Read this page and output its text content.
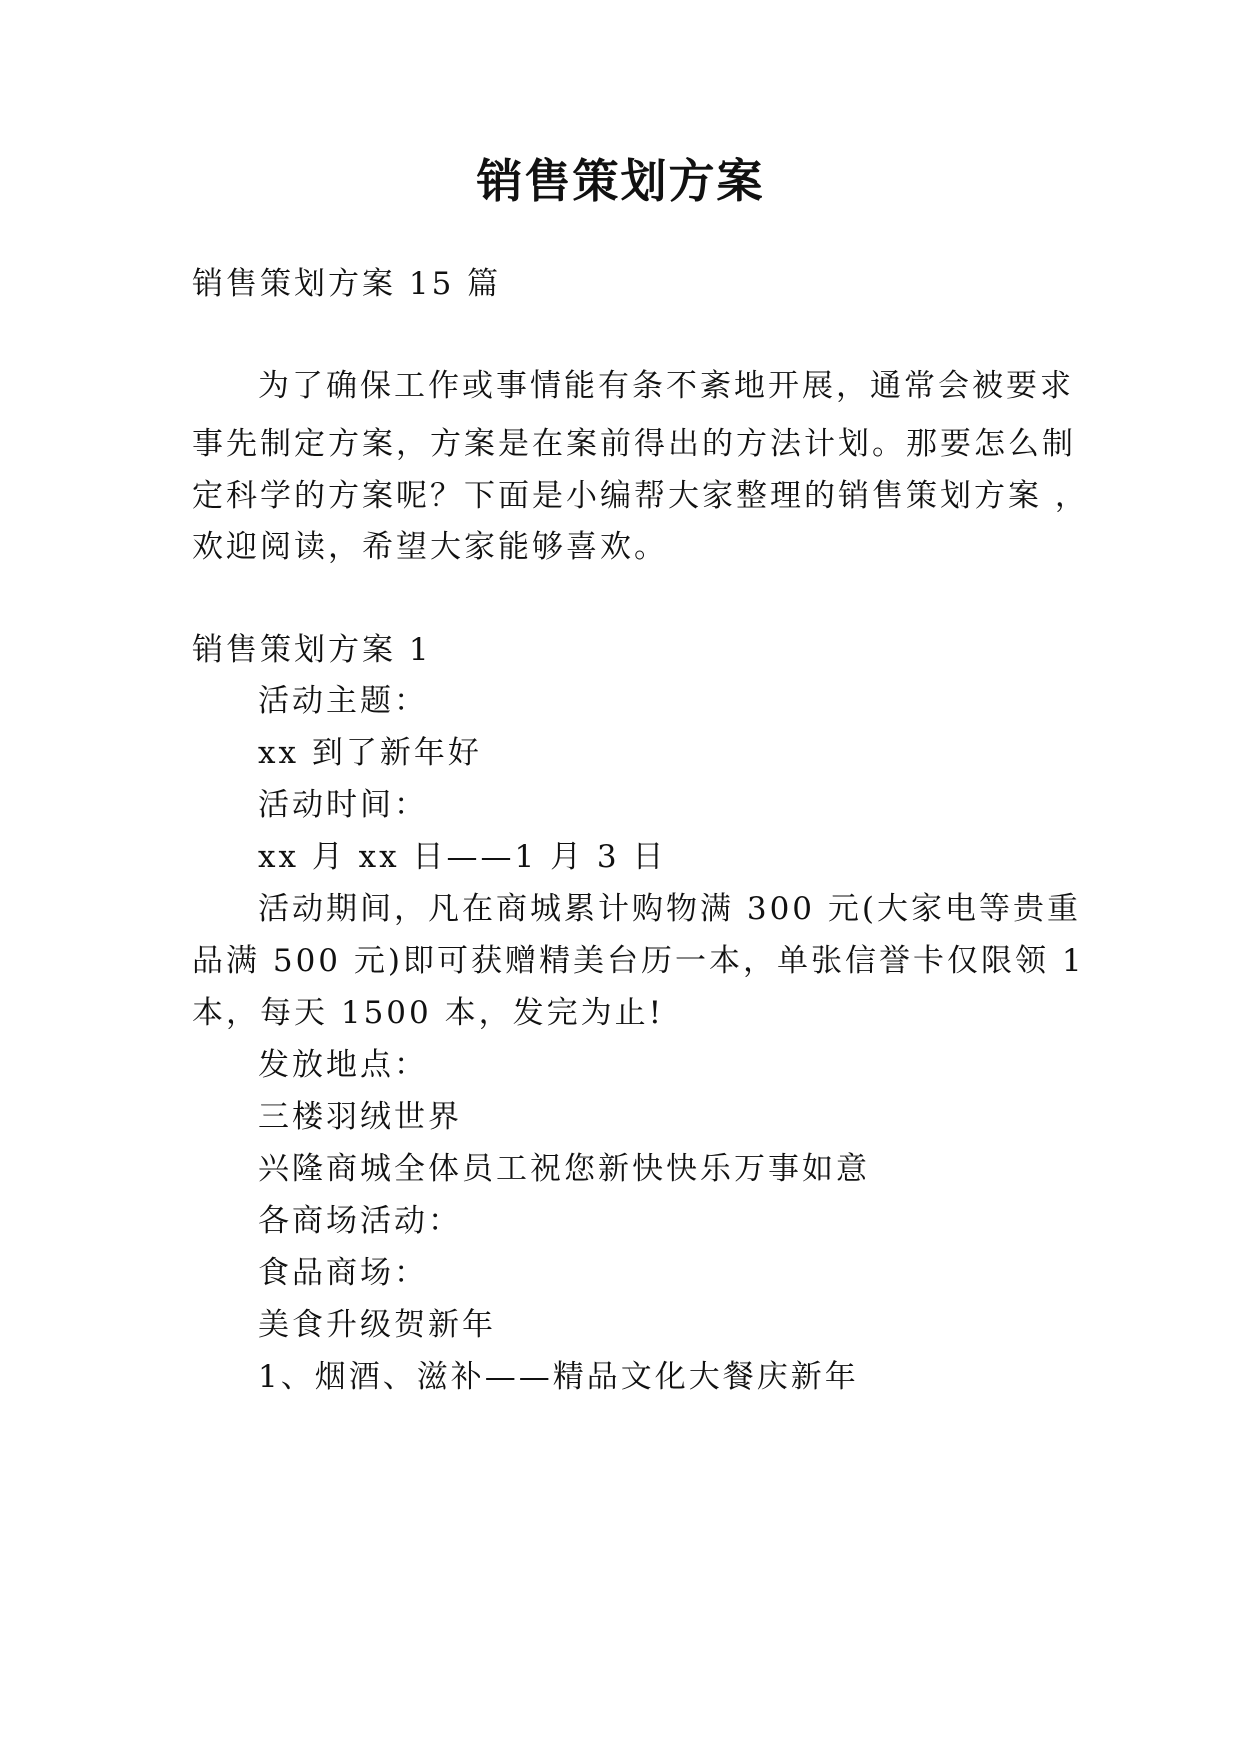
销售策划方案
销售策划方案 15 篇
为了确保工作或事情能有条不紊地开展，通常会被要求
事先制定方案，方案是在案前得出的方法计划。那要怎么制
定科学的方案呢？下面是小编帮大家整理的销售策划方案 ，
欢迎阅读，希望大家能够喜欢。
销售策划方案 1
活动主题：
xx 到了新年好
活动时间：
xx 月 xx 日——1 月 3 日
活动期间，凡在商城累计购物满 300 元(大家电等贵重
品满 500 元)即可获赠精美台历一本，单张信誉卡仅限领 1
本，每天 1500 本，发完为止!
发放地点：
三楼羽绒世界
兴隆商城全体员工祝您新快快乐万事如意
各商场活动：
食品商场：
美食升级贺新年
1、烟酒、滋补——精品文化大餐庆新年
